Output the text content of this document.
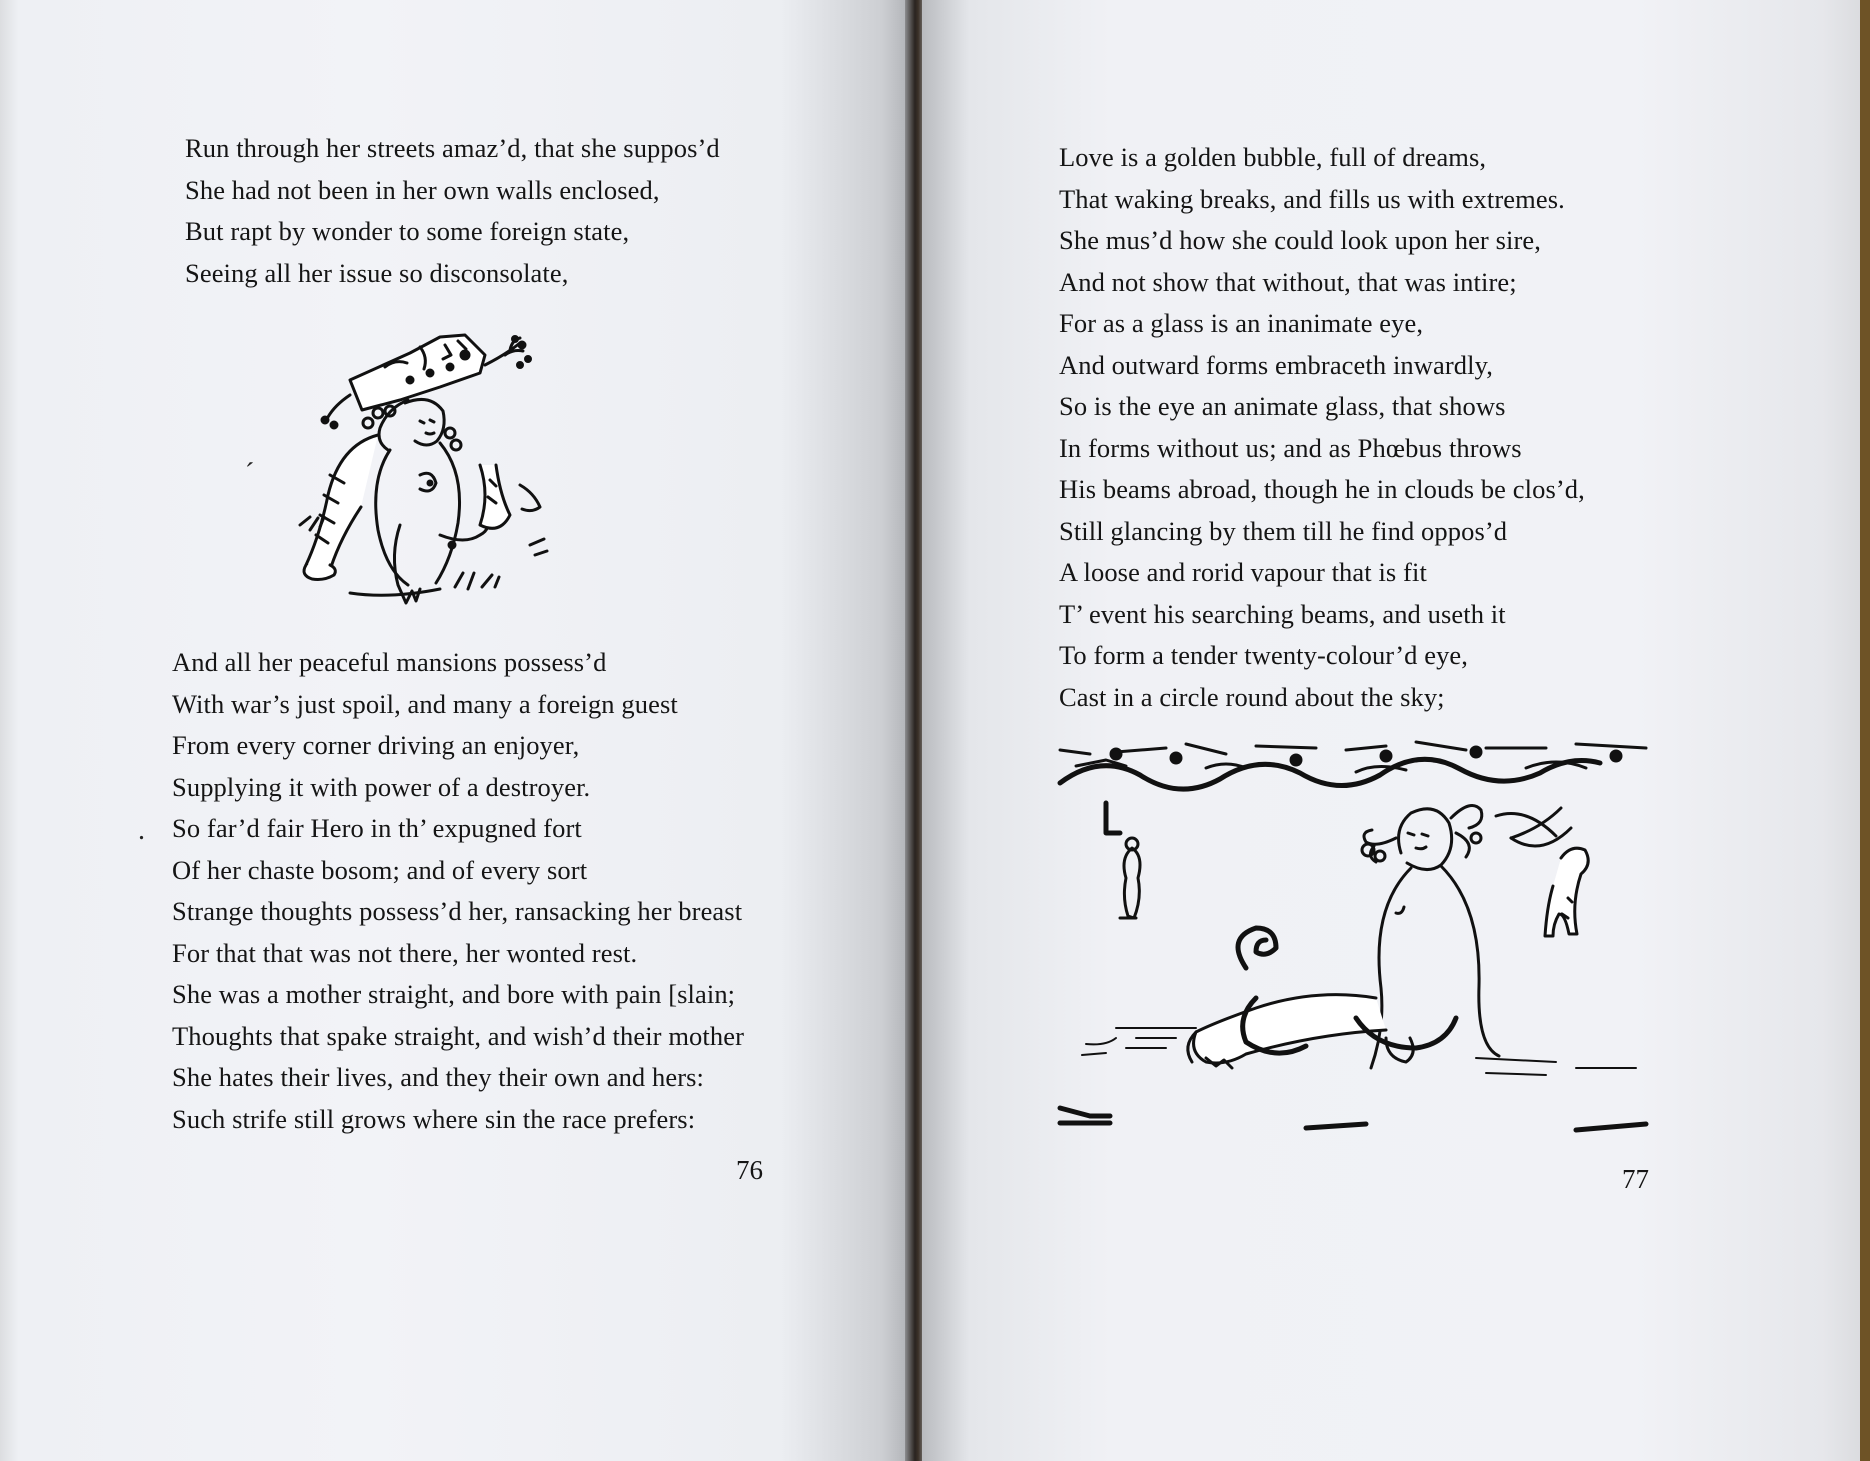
Run through her streets amaz’d, that she suppos’d
She had not been in her own walls enclosed,
But rapt by wonder to some foreign state,
Seeing all her issue so disconsolate,
ˊ
.
And all her peaceful mansions possess’d
With war’s just spoil, and many a foreign guest
From every corner driving an enjoyer,
Supplying it with power of a destroyer.
So far’d fair Hero in th’ expugned fort
Of her chaste bosom; and of every sort
Strange thoughts possess’d her, ransacking her breast
For that that was not there, her wonted rest.
She was a mother straight, and bore with pain [slain;
Thoughts that spake straight, and wish’d their mother
She hates their lives, and they their own and hers:
Such strife still grows where sin the race prefers:
76
Love is a golden bubble, full of dreams,
That waking breaks, and fills us with extremes.
She mus’d how she could look upon her sire,
And not show that without, that was intire;
For as a glass is an inanimate eye,
And outward forms embraceth inwardly,
So is the eye an animate glass, that shows
In forms without us; and as Phœbus throws
His beams abroad, though he in clouds be clos’d,
Still glancing by them till he find oppos’d
A loose and rorid vapour that is fit
T’ event his searching beams, and useth it
To form a tender twenty-colour’d eye,
Cast in a circle round about the sky;
77
